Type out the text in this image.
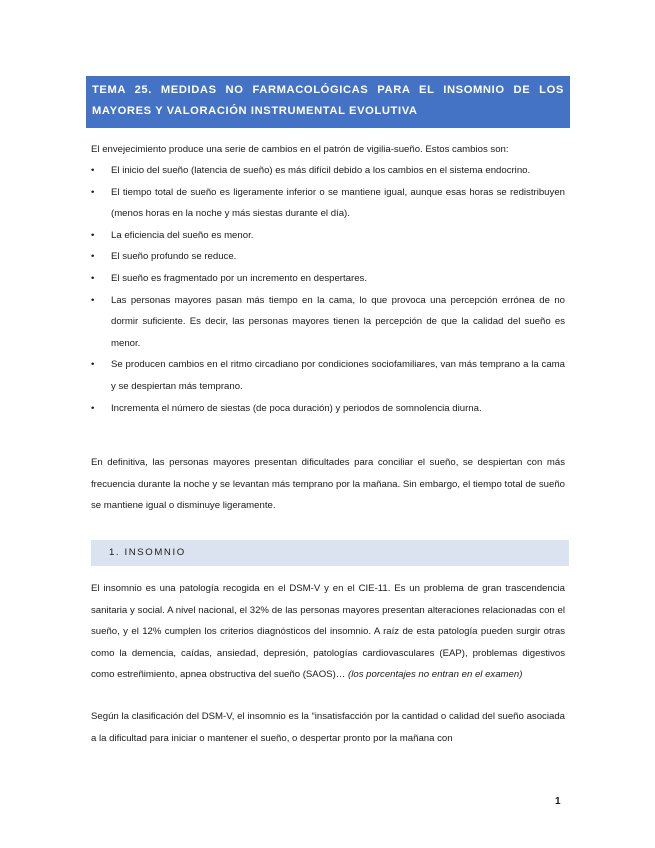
TEMA 25. MEDIDAS NO FARMACOLÓGICAS PARA EL INSOMNIO DE LOS
MAYORES Y VALORACIÓN INSTRUMENTAL EVOLUTIVA

El envejecimiento produce una serie de cambios en el patrón de vigilia-sueño. Estos cambios son:
•	El inicio del sueño (latencia de sueño) es más difícil debido a los cambios en el sistema endocrino.
•	El tiempo total de sueño es ligeramente inferior o se mantiene igual, aunque esas horas se redistribuyen (menos horas en la noche y más siestas durante el día).
•	La eficiencia del sueño es menor.
•	El sueño profundo se reduce.
•	El sueño es fragmentado por un incremento en despertares.
•	Las personas mayores pasan más tiempo en la cama, lo que provoca una percepción errónea de no dormir suficiente. Es decir, las personas mayores tienen la percepción de que la calidad del sueño es menor.
•	Se producen cambios en el ritmo circadiano por condiciones sociofamiliares, van más temprano a la cama y se despiertan más temprano.
•	Incrementa el número de siestas (de poca duración) y periodos de somnolencia diurna.
En definitiva, las personas mayores presentan dificultades para conciliar el sueño, se despiertan con más frecuencia durante la noche y se levantan más temprano por la mañana. Sin embargo, el tiempo total de sueño se mantiene igual o disminuye ligeramente.
1. INSOMNIO
El insomnio es una patología recogida en el DSM-V y en el CIE-11. Es un problema de gran trascendencia sanitaria y social. A nivel nacional, el 32% de las personas mayores presentan alteraciones relacionadas con el sueño, y el 12% cumplen los criterios diagnósticos del insomnio. A raíz de esta patología pueden surgir otras como la demencia, caídas, ansiedad, depresión, patologías cardiovasculares (EAP), problemas digestivos como estreñimiento, apnea obstructiva del sueño (SAOS)… (los porcentajes no entran en el examen)
Según la clasificación del DSM-V, el insomnio es la “insatisfacción por la cantidad o calidad del sueño asociada a la dificultad para iniciar o mantener el sueño, o despertar pronto por la mañana con
1
